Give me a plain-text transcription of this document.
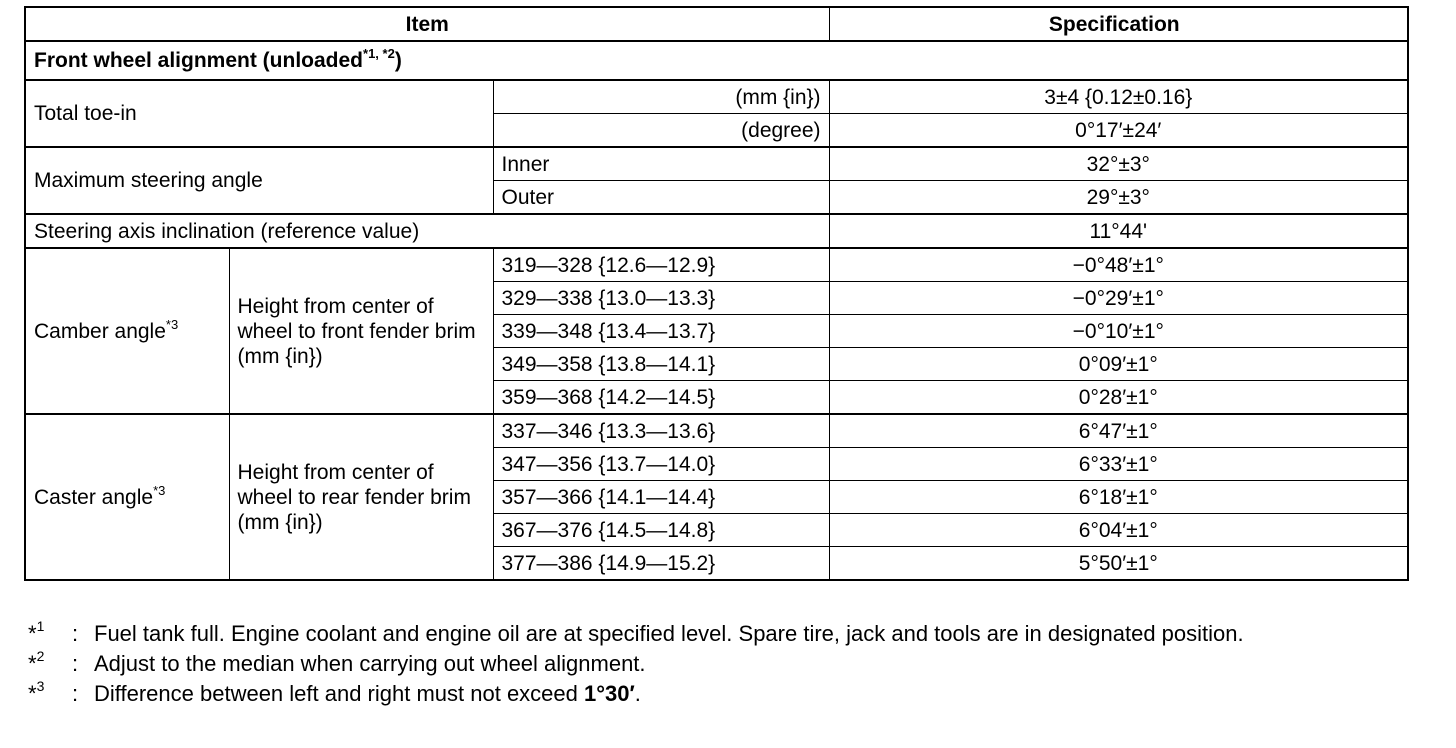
Item			Specification
Front wheel alignment (unloaded$^{*1, *2}$)			
Total toe-in		(mm {in})	3±4 {0.12±0.16}
		(degree)	0°17′±24′
Maximum steering angle		Inner	32°±3°
		Outer	29°±3°
Steering axis inclination (reference value)			11°44'
Camber angle$^{*3}$	Height from center of wheel to front fender brim (mm {in})	319—328 {12.6—12.9}	−0°48′±1°
		329—338 {13.0—13.3}	−0°29′±1°
		339—348 {13.4—13.7}	−0°10′±1°
		349—358 {13.8—14.1}	0°09′±1°
		359—368 {14.2—14.5}	0°28′±1°
Caster angle$^{*3}$	Height from center of wheel to rear fender brim (mm {in})	337—346 {13.3—13.6}	6°47′±1°
		347—356 {13.7—14.0}	6°33′±1°
		357—366 {14.1—14.4}	6°18′±1°
		367—376 {14.5—14.8}	6°04′±1°
		377—386 {14.9—15.2}	5°50′±1°
*$^1$	: Fuel tank full. Engine coolant and engine oil are at specified level. Spare tire, jack and tools are in designated position.
*$^2$	: Adjust to the median when carrying out wheel alignment.
*$^3$	: Difference between left and right must not exceed 1°30′.
